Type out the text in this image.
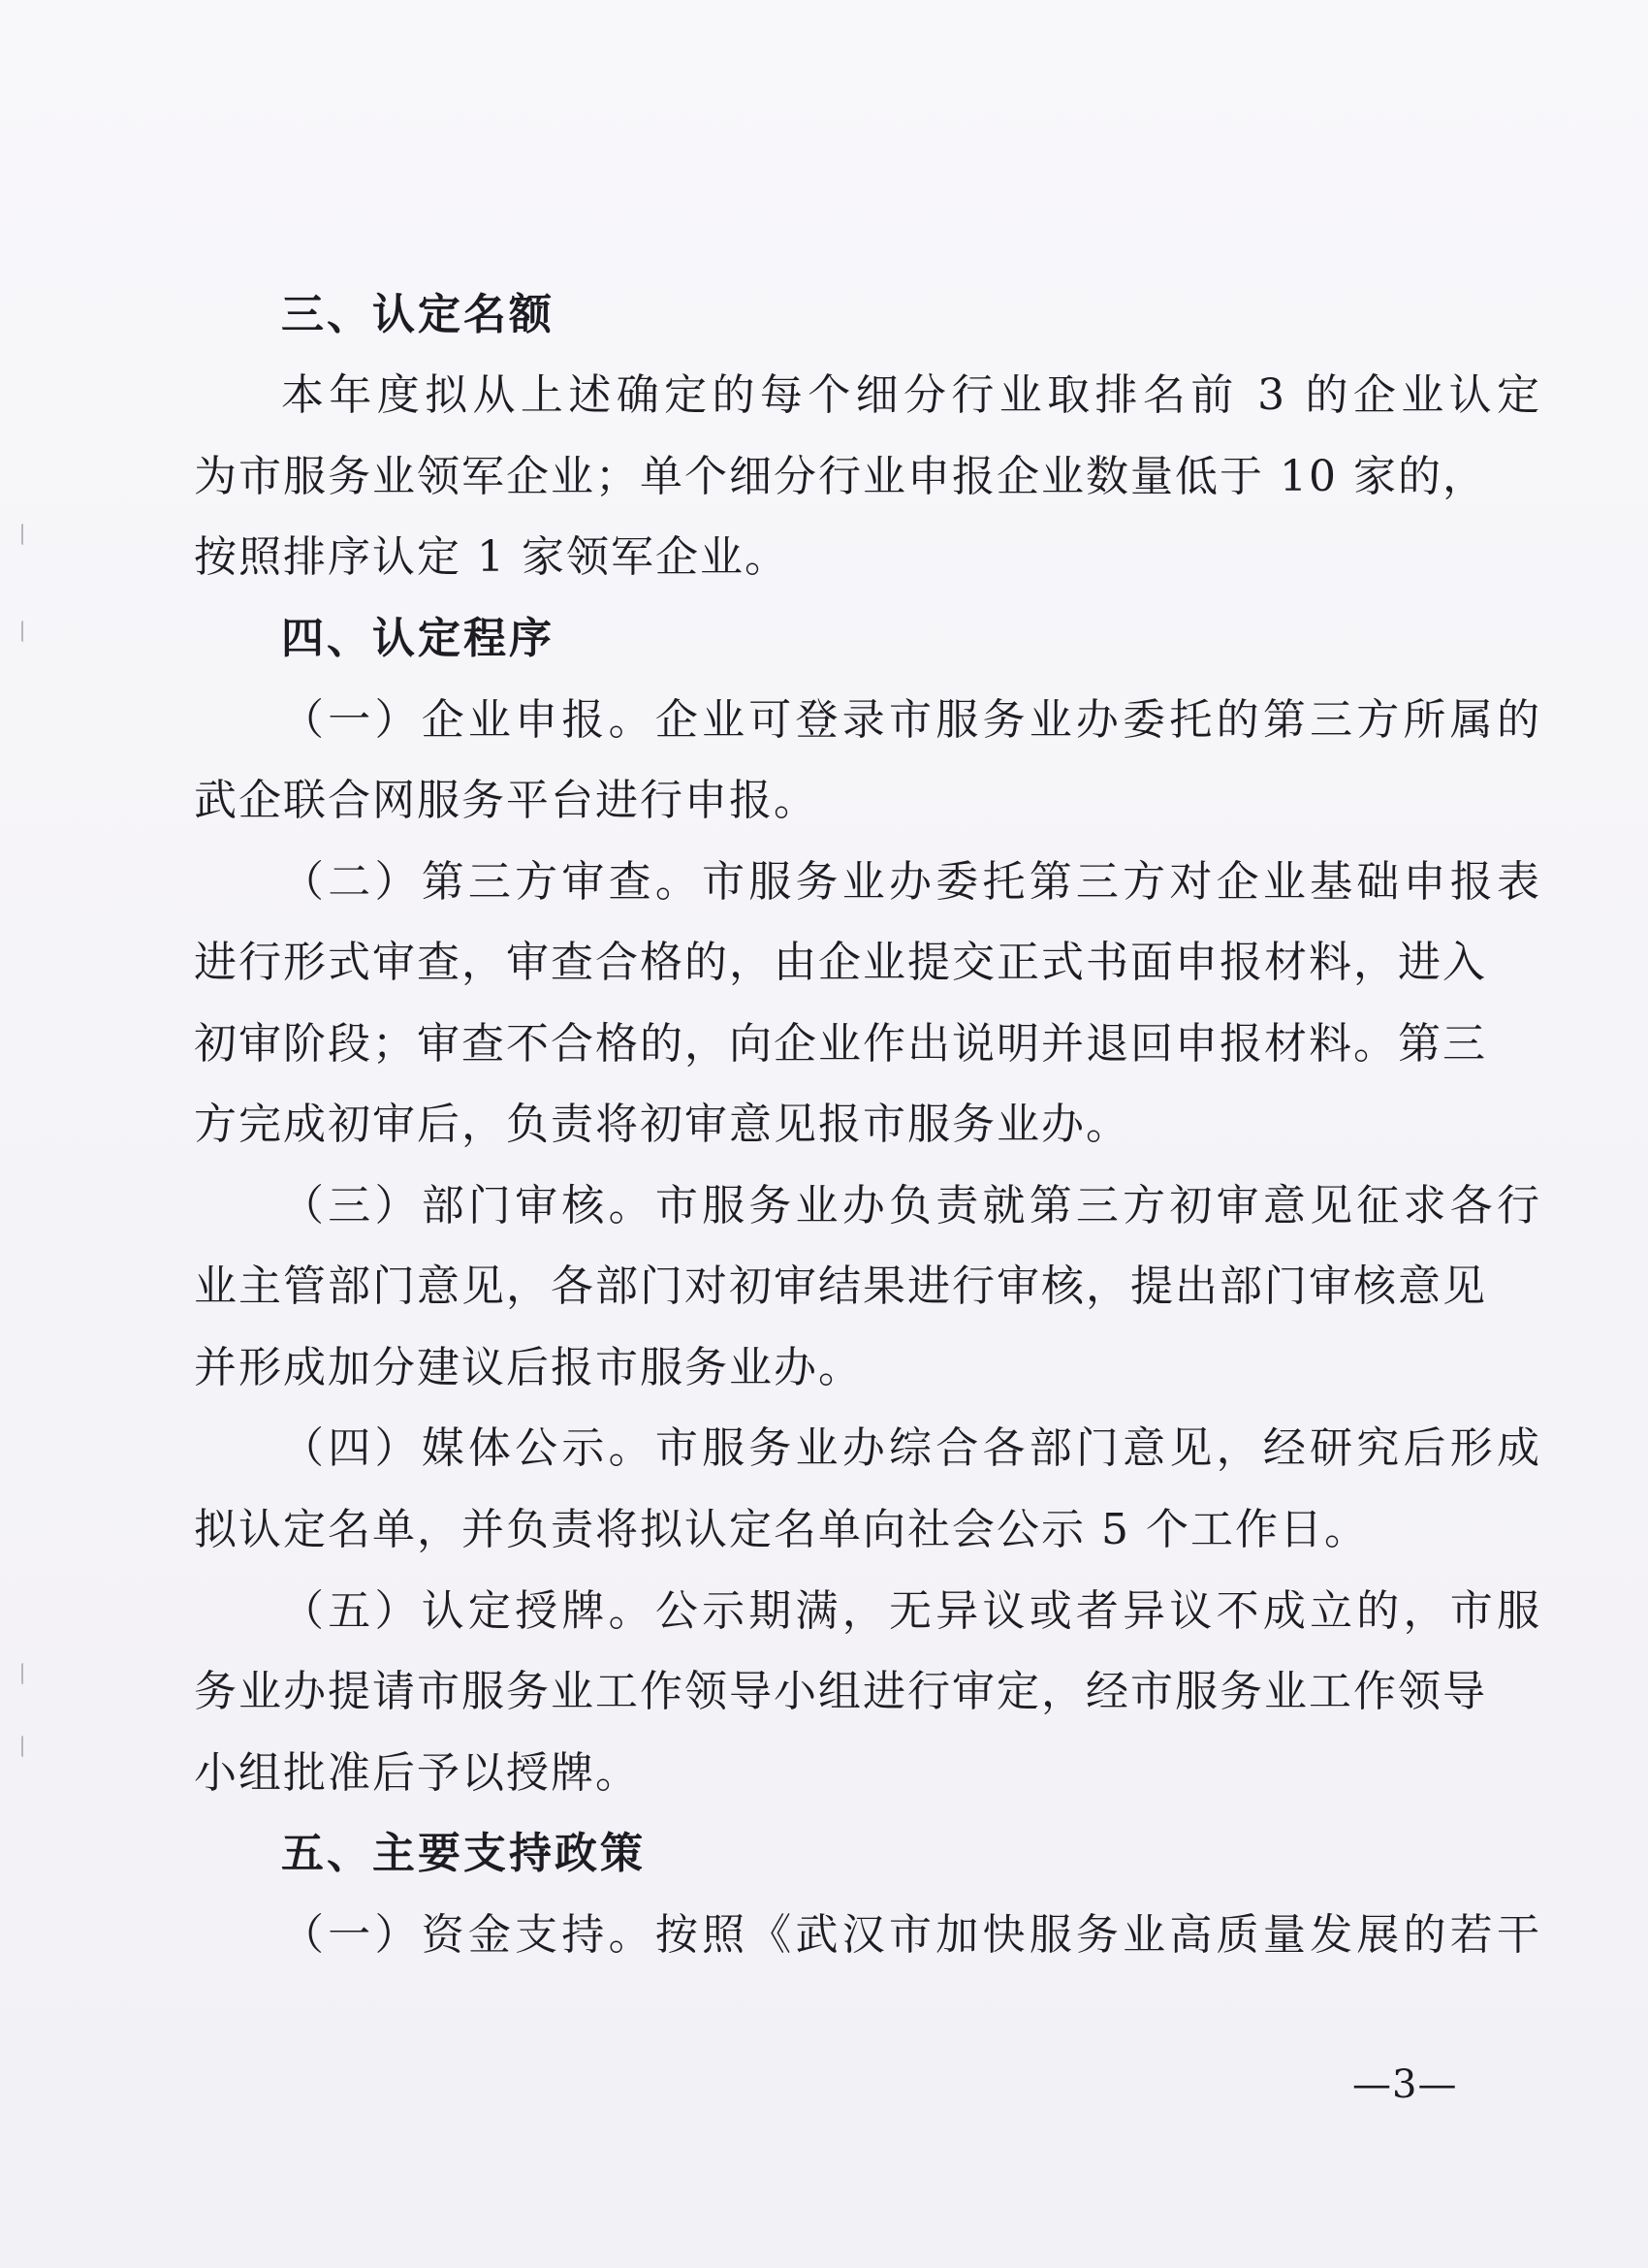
三、认定名额
本年度拟从上述确定的每个细分行业取排名前 3 的企业认定
为市服务业领军企业；单个细分行业申报企业数量低于 10 家的，
按照排序认定 1 家领军企业。
四、认定程序
（一）企业申报。企业可登录市服务业办委托的第三方所属的
武企联合网服务平台进行申报。
（二）第三方审查。市服务业办委托第三方对企业基础申报表
进行形式审查，审查合格的，由企业提交正式书面申报材料，进入
初审阶段；审查不合格的，向企业作出说明并退回申报材料。第三
方完成初审后，负责将初审意见报市服务业办。
（三）部门审核。市服务业办负责就第三方初审意见征求各行
业主管部门意见，各部门对初审结果进行审核，提出部门审核意见
并形成加分建议后报市服务业办。
（四）媒体公示。市服务业办综合各部门意见，经研究后形成
拟认定名单，并负责将拟认定名单向社会公示 5 个工作日。
（五）认定授牌。公示期满，无异议或者异议不成立的，市服
务业办提请市服务业工作领导小组进行审定，经市服务业工作领导
小组批准后予以授牌。
五、主要支持政策
（一）资金支持。按照《武汉市加快服务业高质量发展的若干
—3—
